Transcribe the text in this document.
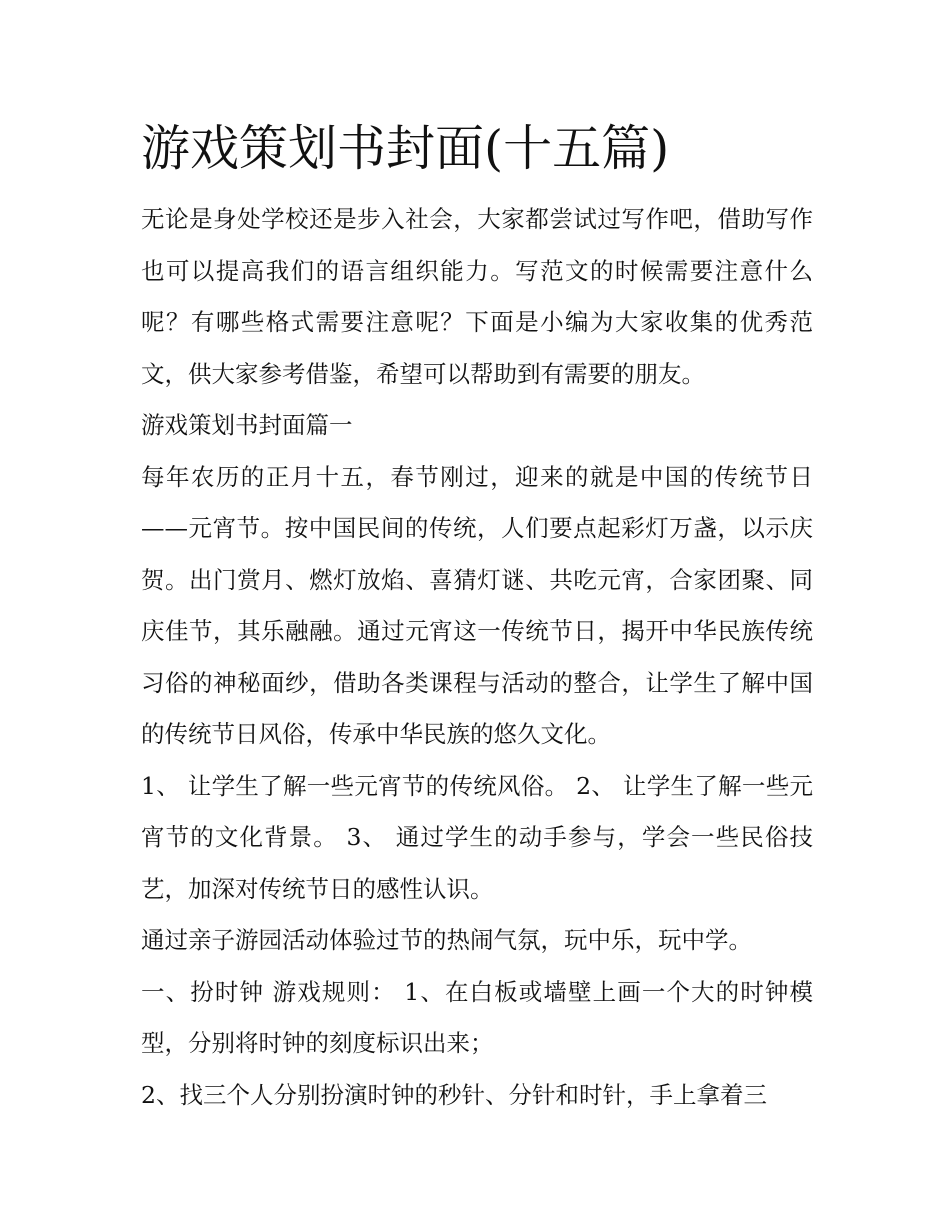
游戏策划书封面(十五篇)

无论是身处学校还是步入社会，大家都尝试过写作吧，借助写作也可以提高我们的语言组织能力。写范文的时候需要注意什么呢？有哪些格式需要注意呢？下面是小编为大家收集的优秀范文，供大家参考借鉴，希望可以帮助到有需要的朋友。

游戏策划书封面篇一

每年农历的正月十五，春节刚过，迎来的就是中国的传统节日——元宵节。按中国民间的传统，人们要点起彩灯万盏，以示庆贺。出门赏月、燃灯放焰、喜猜灯谜、共吃元宵，合家团聚、同庆佳节，其乐融融。通过元宵这一传统节日，揭开中华民族传统习俗的神秘面纱，借助各类课程与活动的整合，让学生了解中国的传统节日风俗，传承中华民族的悠久文化。

1、 让学生了解一些元宵节的传统风俗。 2、 让学生了解一些元宵节的文化背景。 3、 通过学生的动手参与，学会一些民俗技艺，加深对传统节日的感性认识。

通过亲子游园活动体验过节的热闹气氛，玩中乐，玩中学。

一、扮时钟 游戏规则： 1、在白板或墙壁上画一个大的时钟模型，分别将时钟的刻度标识出来；

2、找三个人分别扮演时钟的秒针、分针和时针，手上拿着三
